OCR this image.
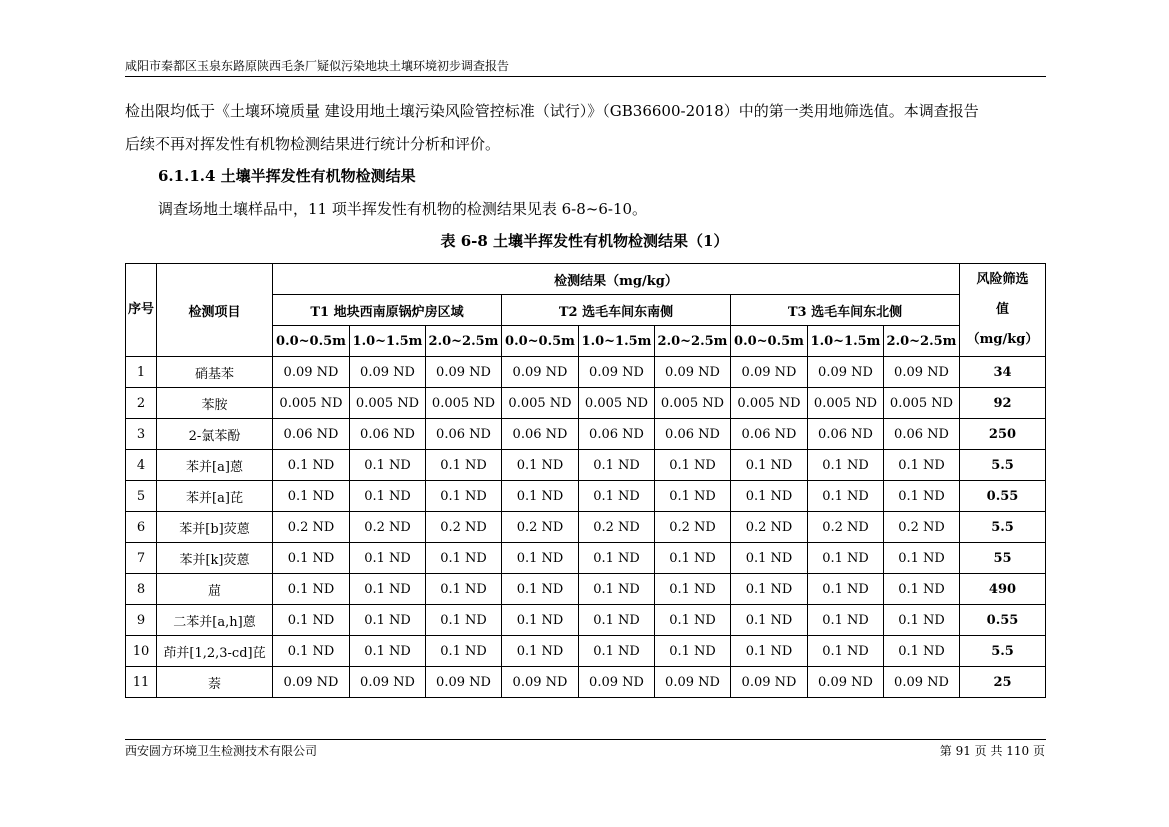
咸阳市秦都区玉泉东路原陕西毛条厂疑似污染地块土壤环境初步调查报告
检出限均低于《土壤环境质量 建设用地土壤污染风险管控标准（试行）》（GB36600-2018）中的第一类用地筛选值。本调查报告
后续不再对挥发性有机物检测结果进行统计分析和评价。
6.1.1.4 土壤半挥发性有机物检测结果
调查场地土壤样品中，11 项半挥发性有机物的检测结果见表 6-8~6-10。
表 6-8 土壤半挥发性有机物检测结果（1）
序号	检测项目	检测结果（mg/kg）									风险筛选
值
（mg/kg）

		T1 地块西南原锅炉房区域			T2 选毛车间东南侧			T3 选毛车间东北侧			
		0.0~0.5m	1.0~1.5m	2.0~2.5m	0.0~0.5m	1.0~1.5m	2.0~2.5m	0.0~0.5m	1.0~1.5m	2.0~2.5m	
1	硝基苯	0.09 ND	0.09 ND	0.09 ND	0.09 ND	0.09 ND	0.09 ND	0.09 ND	0.09 ND	0.09 ND	34
2	苯胺	0.005 ND	0.005 ND	0.005 ND	0.005 ND	0.005 ND	0.005 ND	0.005 ND	0.005 ND	0.005 ND	92
3	2-氯苯酚	0.06 ND	0.06 ND	0.06 ND	0.06 ND	0.06 ND	0.06 ND	0.06 ND	0.06 ND	0.06 ND	250
4	苯并[a]蒽	0.1 ND	0.1 ND	0.1 ND	0.1 ND	0.1 ND	0.1 ND	0.1 ND	0.1 ND	0.1 ND	5.5
5	苯并[a]芘	0.1 ND	0.1 ND	0.1 ND	0.1 ND	0.1 ND	0.1 ND	0.1 ND	0.1 ND	0.1 ND	0.55
6	苯并[b]荧蒽	0.2 ND	0.2 ND	0.2 ND	0.2 ND	0.2 ND	0.2 ND	0.2 ND	0.2 ND	0.2 ND	5.5
7	苯并[k]荧蒽	0.1 ND	0.1 ND	0.1 ND	0.1 ND	0.1 ND	0.1 ND	0.1 ND	0.1 ND	0.1 ND	55
8	䓛	0.1 ND	0.1 ND	0.1 ND	0.1 ND	0.1 ND	0.1 ND	0.1 ND	0.1 ND	0.1 ND	490
9	二苯并[a,h]蒽	0.1 ND	0.1 ND	0.1 ND	0.1 ND	0.1 ND	0.1 ND	0.1 ND	0.1 ND	0.1 ND	0.55
10	茚并[1,2,3-cd]芘	0.1 ND	0.1 ND	0.1 ND	0.1 ND	0.1 ND	0.1 ND	0.1 ND	0.1 ND	0.1 ND	5.5
11	萘	0.09 ND	0.09 ND	0.09 ND	0.09 ND	0.09 ND	0.09 ND	0.09 ND	0.09 ND	0.09 ND	25
西安圆方环境卫生检测技术有限公司	第 91 页 共 110 页
